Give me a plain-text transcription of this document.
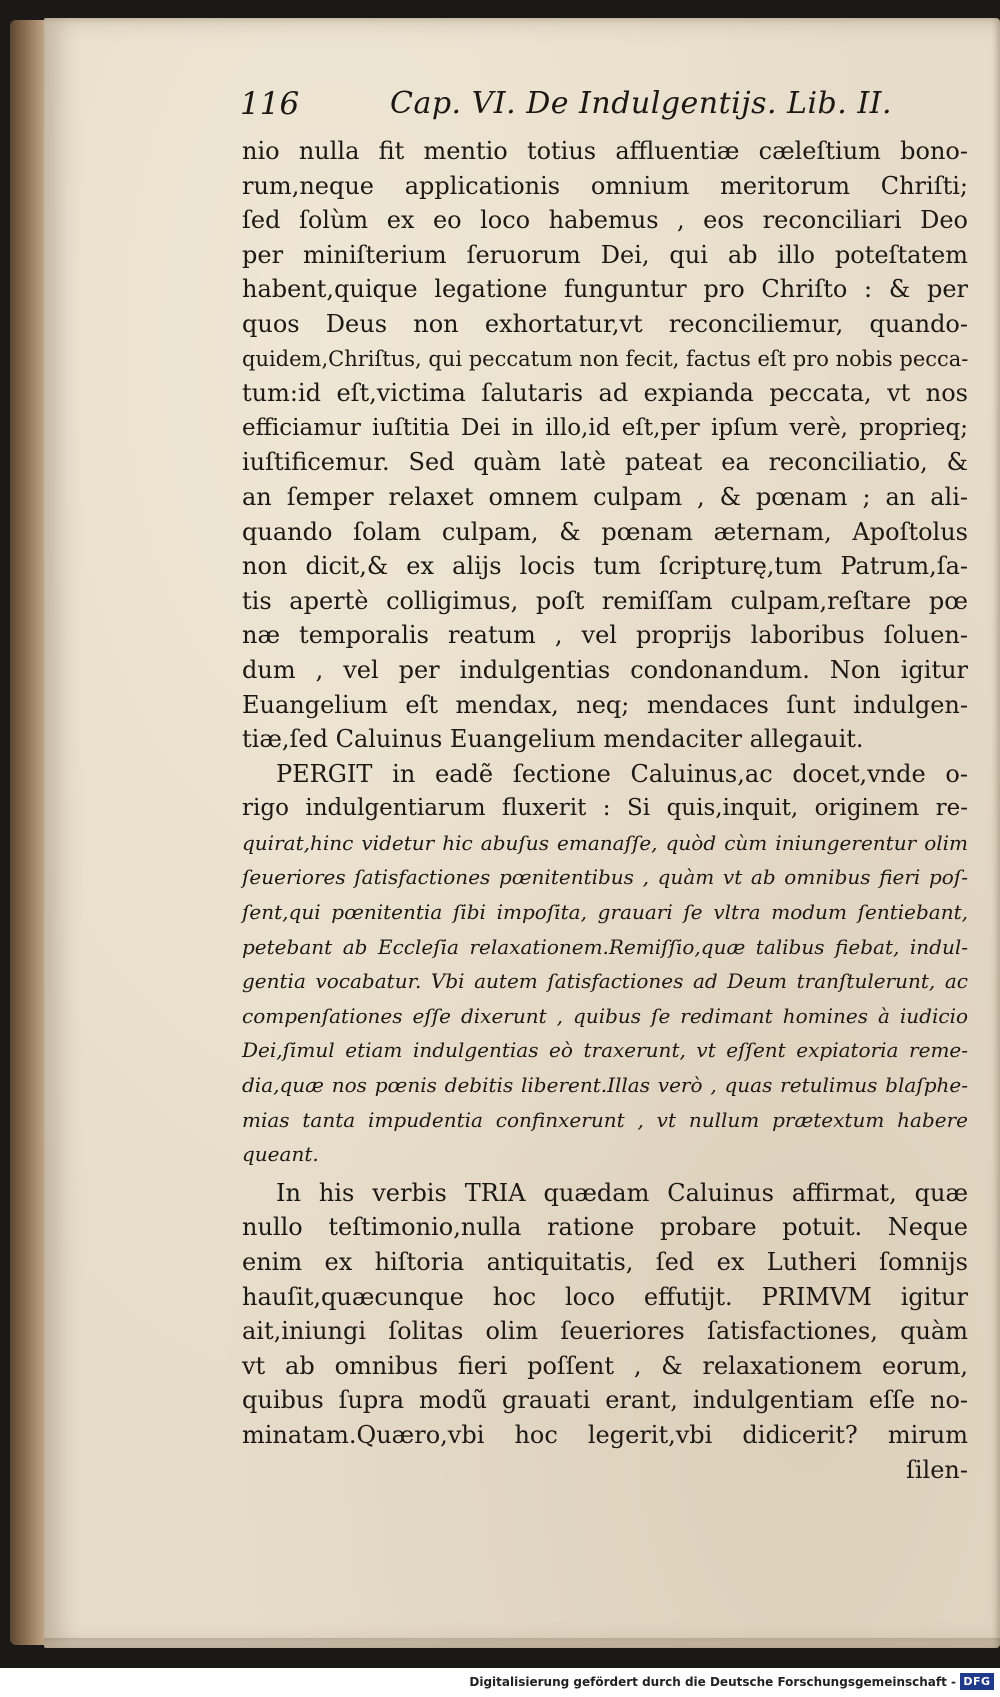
116	Cap. VI. De Indulgentijs. Lib. II.
nio nulla fit mentio totius affluentiæ cæleſtium bono-
rum,neque applicationis omnium meritorum Chriſti;
ſed ſolùm ex eo loco habemus , eos reconciliari Deo
per miniſterium ſeruorum Dei, qui ab illo poteſtatem
habent,quique legatione funguntur pro Chriſto : & per
quos Deus non exhortatur,vt reconciliemur, quando-
quidem,Chriſtus, qui peccatum non fecit, factus eſt pro nobis pecca-
tum:id eſt,victima ſalutaris ad expianda peccata, vt nos
efficiamur iuſtitia Dei in illo,id eſt,per ipſum verè, proprieq;
iuſtificemur. Sed quàm latè pateat ea reconciliatio, &
an ſemper relaxet omnem culpam , & pœnam ; an ali-
quando ſolam culpam, & pœnam æternam, Apoſtolus
non dicit,& ex alijs locis tum ſcripturę,tum Patrum,ſa-
tis apertè colligimus, poſt remiſſam culpam,reſtare pœ
næ temporalis reatum , vel proprijs laboribus ſoluen-
dum , vel per indulgentias condonandum. Non igitur
Euangelium eſt mendax, neq; mendaces ſunt indulgen-
tiæ,ſed Caluinus Euangelium mendaciter allegauit.
PERGIT in eadẽ ſectione Caluinus,ac docet,vnde o-
rigo indulgentiarum fluxerit : Si quis,inquit, originem re-
quirat,hinc videtur hic abuſus emanaſſe, quòd cùm iniungerentur olim
ſeueriores ſatisfactiones pœnitentibus , quàm vt ab omnibus fieri poſ-
ſent,qui pœnitentia ſibi impoſita, grauari ſe vltra modum ſentiebant,
petebant ab Eccleſia relaxationem.Remiſſio,quæ talibus fiebat, indul-
gentia vocabatur. Vbi autem ſatisfactiones ad Deum tranſtulerunt, ac
compenſationes eſſe dixerunt , quibus ſe redimant homines à iudicio
Dei,ſimul etiam indulgentias eò traxerunt, vt eſſent expiatoria reme-
dia,quæ nos pœnis debitis liberent.Illas verò , quas retulimus blaſphe-
mias tanta impudentia confinxerunt , vt nullum prætextum habere
queant.
In his verbis TRIA quædam Caluinus affirmat, quæ
nullo teſtimonio,nulla ratione probare potuit. Neque
enim ex hiſtoria antiquitatis, ſed ex Lutheri ſomnijs
hauſit,quæcunque hoc loco effutijt. PRIMVM igitur
ait,iniungi ſolitas olim ſeueriores ſatisfactiones, quàm
vt ab omnibus fieri poſſent , & relaxationem eorum,
quibus ſupra modũ grauati erant, indulgentiam eſſe no-
minatam.Quæro,vbi hoc legerit,vbi didicerit? mirum
ſilen-
Digitalisierung gefördert durch die Deutsche Forschungsgemeinschaft - DFG
